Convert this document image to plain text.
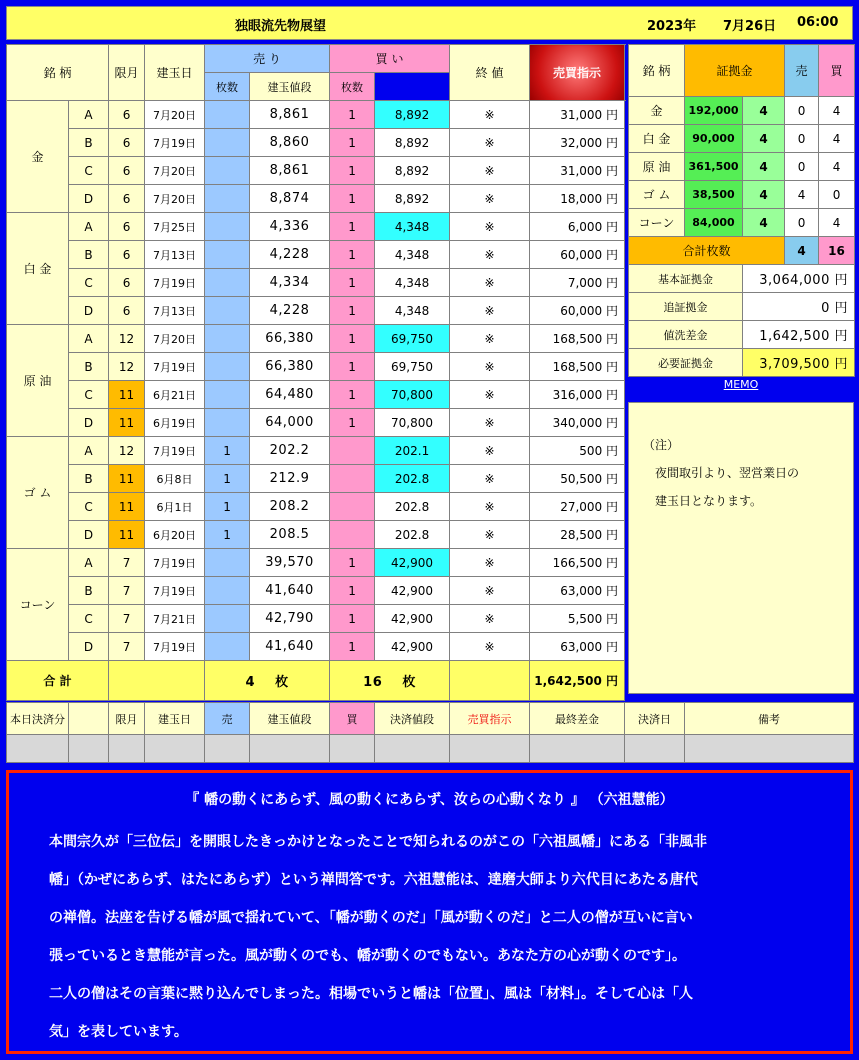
独眼流先物展望	2023年 7月26日 06:00
銘 柄		限月	建玉日	売 り		買 い		終 値	売買指示	
				枚数	建玉値段	枚数				
金	A	6	7月20日		8,861	1	8,892	※	31,000 円	
	B	6	7月19日		8,860	1	8,892	※	32,000 円	
	C	6	7月20日		8,861	1	8,892	※	31,000 円	
	D	6	7月20日		8,874	1	8,892	※	18,000 円	
白 金	A	6	7月25日		4,336	1	4,348	※	6,000 円	
	B	6	7月13日		4,228	1	4,348	※	60,000 円	
	C	6	7月19日		4,334	1	4,348	※	7,000 円	
	D	6	7月13日		4,228	1	4,348	※	60,000 円	
原 油	A	12	7月20日		66,380	1	69,750	※	168,500 円	
	B	12	7月19日		66,380	1	69,750	※	168,500 円	
	C	11	6月21日		64,480	1	70,800	※	316,000 円	
	D	11	6月19日		64,000	1	70,800	※	340,000 円	
ゴ ム	A	12	7月19日	1	202.2		202.1	※	500 円	
	B	11	6月8日	1	212.9		202.8	※	50,500 円	
	C	11	6月1日	1	208.2		202.8	※	27,000 円	
	D	11	6月20日	1	208.5		202.8	※	28,500 円	
コーン	A	7	7月19日		39,570	1	42,900	※	166,500 円	
	B	7	7月19日		41,640	1	42,900	※	63,000 円	
	C	7	7月21日		42,790	1	42,900	※	5,500 円	
	D	7	7月19日		41,640	1	42,900	※	63,000 円	
合 計				4 枚		16 枚			1,642,500 円	
銘 柄	証拠金		売	買
金	192,000	4	0	4
白 金	90,000	4	0	4
原 油	361,500	4	0	4
ゴ ム	38,500	4	4	0
コーン	84,000	4	0	4
合計枚数			4	16
基本証拠金		3,064,000 円		
追証拠金		0 円		
値洗差金		1,642,500 円		
必要証拠金		3,709,500 円		
MEMO
（注）
　夜間取引より、翌営業日の
　建玉日となります。
本日決済分		限月	建玉日	売	建玉値段	買	決済値段	売買指示	最終差金	決済日	備考

『 幡の動くにあらず、風の動くにあらず、汝らの心動くなり 』 （六祖慧能）
本間宗久が「三位伝」を開眼したきっかけとなったことで知られるのがこの「六祖風幡」にある「非風非
幡」（かぜにあらず、はたにあらず）という禅問答です。六祖慧能は、達磨大師より六代目にあたる唐代
の禅僧。法座を告げる幡が風で揺れていて、「幡が動くのだ」「風が動くのだ」と二人の僧が互いに言い
張っているとき慧能が言った。風が動くのでも、幡が動くのでもない。あなた方の心が動くのです」。
二人の僧はその言葉に黙り込んでしまった。相場でいうと幡は「位置」、風は「材料」。そして心は「人
気」を表しています。
